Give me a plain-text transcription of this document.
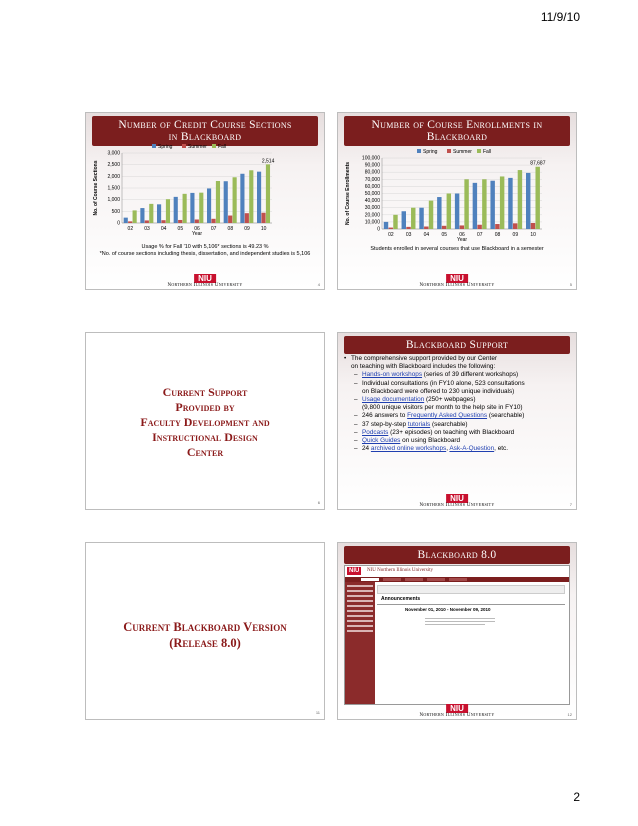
11/9/10
Number of Credit Course Sections
in Blackboard
0
500
1,000
1,500
2,000
2,500
3,000
02 03 04 05 06 07 08 09 10
2,514
Year
No. of Course Sections
Spring	Summer Fall
Usage % for Fall '10 with 5,106* sections is 49.23 %
*No. of course sections including thesis, dissertation, and independent studies is 5,106
NIU
Northern Illinois University	4
Number of Course Enrollments in
Blackboard
0
10,000
20,000
30,000
40,000
50,000
60,000
70,000
80,000
90,000
100,000
02 03 04 05 06 07 08 09 10
87,687
Year
No. of Course Enrollments
Spring	Summer Fall
Students enrolled in several courses that use Blackboard in a semester
NIU
Northern Illinois University	5
Current Support
Provided by
Faculty Development and
Instructional Design
Center
6
Blackboard Support
• The comprehensive support provided by our Center
on teaching with Blackboard includes the following:
– Hands-on workshops (series of 39 different workshops)
– Individual consultations (in FY10 alone, 523 consultations
on Blackboard were offered to 230 unique individuals)
– Usage documentation (250+ webpages)
(9,800 unique visitors per month to the help site in FY10)
– 246 answers to Frequently Asked Questions (searchable)
– 37 step-by-step tutorials (searchable)
– Podcasts (23+ episodes) on teaching with Blackboard
– Quick Guides on using Blackboard
– 24 archived online workshops, Ask-A-Question, etc.
NIU
Northern Illinois University	7
Current Blackboard Version
(Release 8.0)
11
Blackboard 8.0
NIU	NIU Northern Illinois University
Announcements
November 01, 2010 - November 09, 2010
NIU
Northern Illinois University	12
2
